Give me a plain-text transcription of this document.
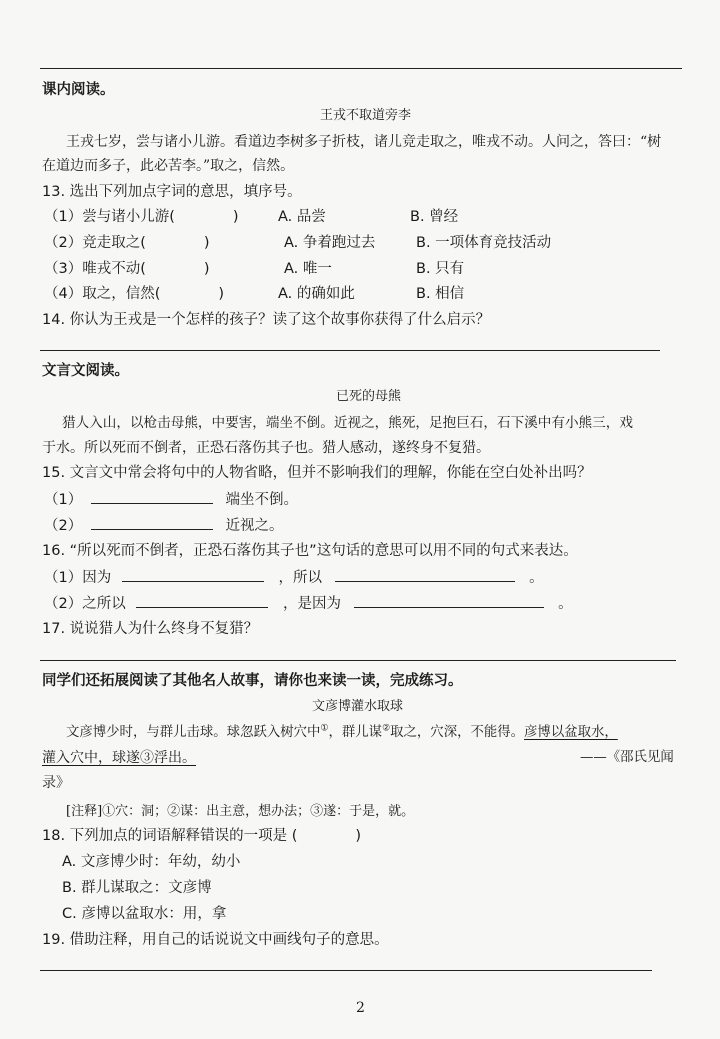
课内阅读。
王戎不取道旁李
王戎七岁，尝与诸小儿游。看道边李树多子折枝，诸儿竞走取之，唯戎不动。人问之，答曰：“树
在道边而多子，此必苦李。”取之，信然。
13. 选出下列加点字词的意思，填序号。
（1）尝与诸小儿游(　　　　)	A. 品尝	B. 曾经
（2）竞走取之(　　　　)	A. 争着跑过去	B. 一项体育竞技活动
（3）唯戎不动(　　　　)	A. 唯一	B. 只有
（4）取之，信然(　　　　)	A. 的确如此	B. 相信
14. 你认为王戎是一个怎样的孩子？读了这个故事你获得了什么启示？
文言文阅读。
已死的母熊
猎人入山，以枪击母熊，中要害，端坐不倒。近视之，熊死，足抱巨石，石下溪中有小熊三，戏
于水。所以死而不倒者，正恐石落伤其子也。猎人感动，遂终身不复猎。
15. 文言文中常会将句中的人物省略，但并不影响我们的理解，你能在空白处补出吗？
（1）	端坐不倒。
（2）	近视之。
16. “所以死而不倒者，正恐石落伤其子也”这句话的意思可以用不同的句式来表达。
（1）因为	，所以	。
（2）之所以	，是因为	。
17. 说说猎人为什么终身不复猎？
同学们还拓展阅读了其他名人故事，请你也来读一读，完成练习。
文彦博灌水取球
文彦博少时，与群儿击球。球忽跃入树穴中①，群儿谋②取之，穴深，不能得。彦博以盆取水，
灌入穴中，球遂③浮出。	——《邵氏见闻
录》
[注释]①穴：洞；②谋：出主意，想办法；③遂：于是，就。
18. 下列加点的词语解释错误的一项是 (　　　　)
A. 文彦博少时：年幼，幼小
B. 群儿谋取之：文彦博
C. 彦博以盆取水：用，拿
19. 借助注释，用自己的话说说文中画线句子的意思。
2
